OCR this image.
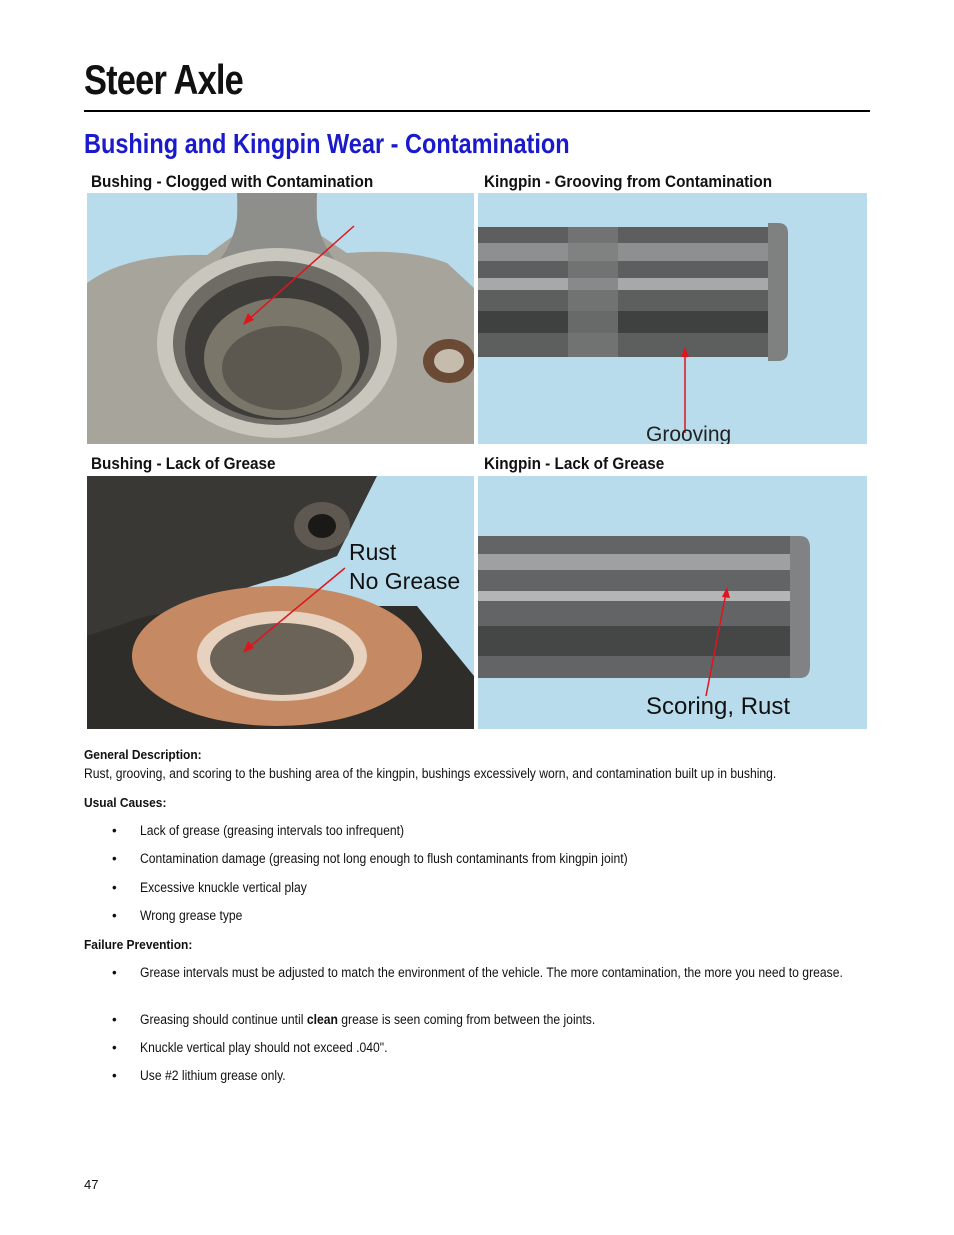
Steer Axle
Bushing and Kingpin Wear - Contamination
Bushing - Clogged with Contamination	Kingpin - Grooving from Contamination
Bushing - Lack of Grease	Kingpin - Lack of Grease
Grooving
Rust
No Grease
Scoring, Rust
General Description:
Rust, grooving, and scoring to the bushing area of the kingpin, bushings excessively worn, and contamination built up in bushing.
Usual Causes:
• Lack of grease (greasing intervals too infrequent)
• Contamination damage (greasing not long enough to flush contaminants from kingpin joint)
• Excessive knuckle vertical play
• Wrong grease type
Failure Prevention:
• Grease intervals must be adjusted to match the environment of the vehicle. The more contamination, the more you need to grease.
• Greasing should continue until clean grease is seen coming from between the joints.
• Knuckle vertical play should not exceed .040".
• Use #2 lithium grease only.
47
